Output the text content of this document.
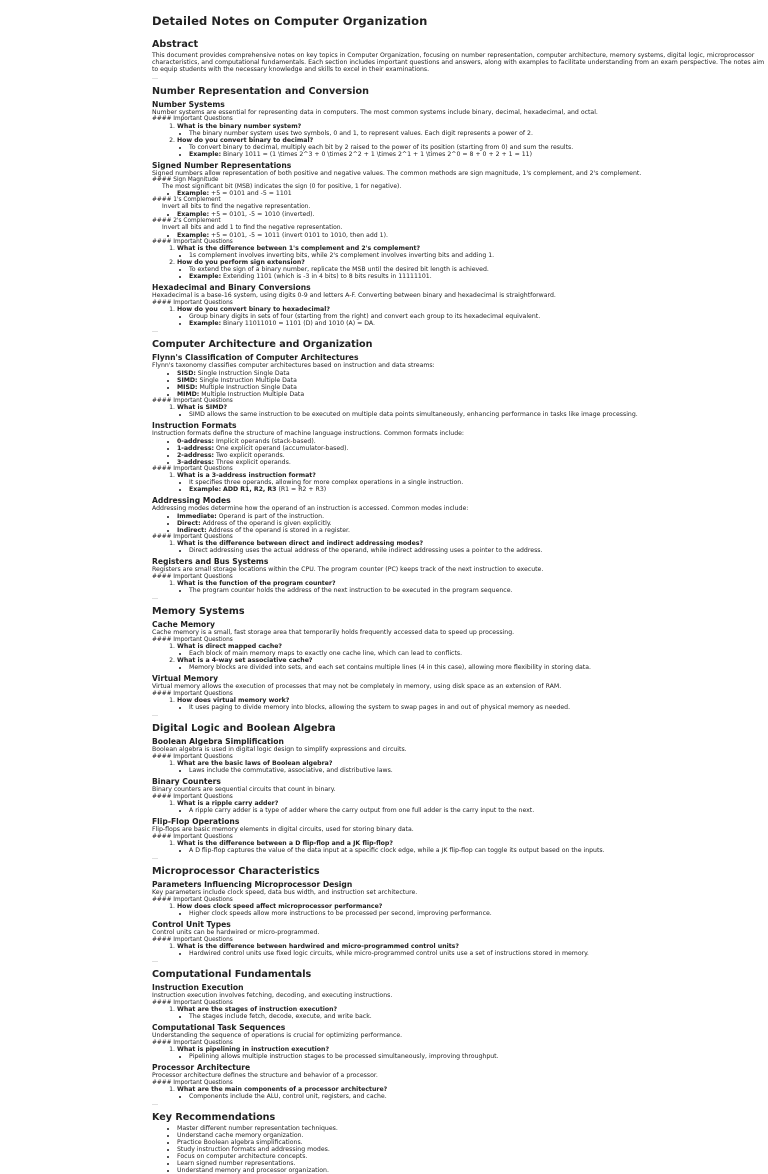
Detailed Notes on Computer Organization
Abstract

This document provides comprehensive notes on key topics in Computer Organization, focusing on number representation, computer architecture, memory systems, digital logic, microprocessor characteristics, and computational fundamentals. Each section includes important questions and answers, along with examples to facilitate understanding from an exam perspective. The notes aim to equip students with the necessary knowledge and skills to excel in their examinations.

---
Number Representation and Conversion
Number Systems

Number systems are essential for representing data in computers. The most common systems include binary, decimal, hexadecimal, and octal.

#### Important Questions
1. What is the binary number system?
• The binary number system uses two symbols, 0 and 1, to represent values. Each digit represents a power of 2.
2. How do you convert binary to decimal?
• To convert binary to decimal, multiply each bit by 2 raised to the power of its position (starting from 0) and sum the results.
• Example: Binary 1011 = (1 \times 2^3 + 0 \times 2^2 + 1 \times 2^1 + 1 \times 2^0 = 8 + 0 + 2 + 1 = 11)
Signed Number Representations

Signed numbers allow representation of both positive and negative values. The common methods are sign magnitude, 1's complement, and 2's complement.

#### Sign Magnitude
The most significant bit (MSB) indicates the sign (0 for positive, 1 for negative).
• Example: +5 = 0101 and -5 = 1101
#### 1's Complement
Invert all bits to find the negative representation.
• Example: +5 = 0101, -5 = 1010 (inverted).
#### 2's Complement
Invert all bits and add 1 to find the negative representation.
• Example: +5 = 0101, -5 = 1011 (invert 0101 to 1010, then add 1).
#### Important Questions
1. What is the difference between 1's complement and 2's complement?
• 1s complement involves inverting bits, while 2's complement involves inverting bits and adding 1.
2. How do you perform sign extension?
• To extend the sign of a binary number, replicate the MSB until the desired bit length is achieved.
• Example: Extending 1101 (which is -3 in 4 bits) to 8 bits results in 11111101.
Hexadecimal and Binary Conversions

Hexadecimal is a base-16 system, using digits 0-9 and letters A-F. Converting between binary and hexadecimal is straightforward.

#### Important Questions
1. How do you convert binary to hexadecimal?
• Group binary digits in sets of four (starting from the right) and convert each group to its hexadecimal equivalent.
• Example: Binary 11011010 = 1101 (D) and 1010 (A) = DA.
---
Computer Architecture and Organization
Flynn's Classification of Computer Architectures

Flynn's taxonomy classifies computer architectures based on instruction and data streams:

• SISD: Single Instruction Single Data
• SIMD: Single Instruction Multiple Data
• MISD: Multiple Instruction Single Data
• MIMD: Multiple Instruction Multiple Data
#### Important Questions
1. What is SIMD?
• SIMD allows the same instruction to be executed on multiple data points simultaneously, enhancing performance in tasks like image processing.
Instruction Formats

Instruction formats define the structure of machine language instructions. Common formats include:

• 0-address: Implicit operands (stack-based).
• 1-address: One explicit operand (accumulator-based).
• 2-address: Two explicit operands.
• 3-address: Three explicit operands.
#### Important Questions
1. What is a 3-address instruction format?
• It specifies three operands, allowing for more complex operations in a single instruction.
• Example: ADD R1, R2, R3 (R1 = R2 + R3)
Addressing Modes

Addressing modes determine how the operand of an instruction is accessed. Common modes include:

• Immediate: Operand is part of the instruction.
• Direct: Address of the operand is given explicitly.
• Indirect: Address of the operand is stored in a register.
#### Important Questions
1. What is the difference between direct and indirect addressing modes?
• Direct addressing uses the actual address of the operand, while indirect addressing uses a pointer to the address.
Registers and Bus Systems

Registers are small storage locations within the CPU. The program counter (PC) keeps track of the next instruction to execute.

#### Important Questions
1. What is the function of the program counter?
• The program counter holds the address of the next instruction to be executed in the program sequence.
---
Memory Systems
Cache Memory

Cache memory is a small, fast storage area that temporarily holds frequently accessed data to speed up processing.

#### Important Questions
1. What is direct mapped cache?
• Each block of main memory maps to exactly one cache line, which can lead to conflicts.
2. What is a 4-way set associative cache?
• Memory blocks are divided into sets, and each set contains multiple lines (4 in this case), allowing more flexibility in storing data.
Virtual Memory

Virtual memory allows the execution of processes that may not be completely in memory, using disk space as an extension of RAM.

#### Important Questions
1. How does virtual memory work?
• It uses paging to divide memory into blocks, allowing the system to swap pages in and out of physical memory as needed.
---
Digital Logic and Boolean Algebra
Boolean Algebra Simplification

Boolean algebra is used in digital logic design to simplify expressions and circuits.

#### Important Questions
1. What are the basic laws of Boolean algebra?
• Laws include the commutative, associative, and distributive laws.
Binary Counters

Binary counters are sequential circuits that count in binary.

#### Important Questions
1. What is a ripple carry adder?
• A ripple carry adder is a type of adder where the carry output from one full adder is the carry input to the next.
Flip-Flop Operations

Flip-flops are basic memory elements in digital circuits, used for storing binary data.

#### Important Questions
1. What is the difference between a D flip-flop and a JK flip-flop?
• A D flip-flop captures the value of the data input at a specific clock edge, while a JK flip-flop can toggle its output based on the inputs.
---
Microprocessor Characteristics
Parameters Influencing Microprocessor Design

Key parameters include clock speed, data bus width, and instruction set architecture.

#### Important Questions
1. How does clock speed affect microprocessor performance?
• Higher clock speeds allow more instructions to be processed per second, improving performance.
Control Unit Types

Control units can be hardwired or micro-programmed.

#### Important Questions
1. What is the difference between hardwired and micro-programmed control units?
• Hardwired control units use fixed logic circuits, while micro-programmed control units use a set of instructions stored in memory.
---
Computational Fundamentals
Instruction Execution

Instruction execution involves fetching, decoding, and executing instructions.

#### Important Questions
1. What are the stages of instruction execution?
• The stages include fetch, decode, execute, and write back.
Computational Task Sequences

Understanding the sequence of operations is crucial for optimizing performance.

#### Important Questions
1. What is pipelining in instruction execution?
• Pipelining allows multiple instruction stages to be processed simultaneously, improving throughput.
Processor Architecture

Processor architecture defines the structure and behavior of a processor.

#### Important Questions
1. What are the main components of a processor architecture?
• Components include the ALU, control unit, registers, and cache.
---
Key Recommendations
• Master different number representation techniques.
• Understand cache memory organization.
• Practice Boolean algebra simplifications.
• Study instruction formats and addressing modes.
• Focus on computer architecture concepts.
• Learn signed number representations.
• Understand memory and processor organization.
